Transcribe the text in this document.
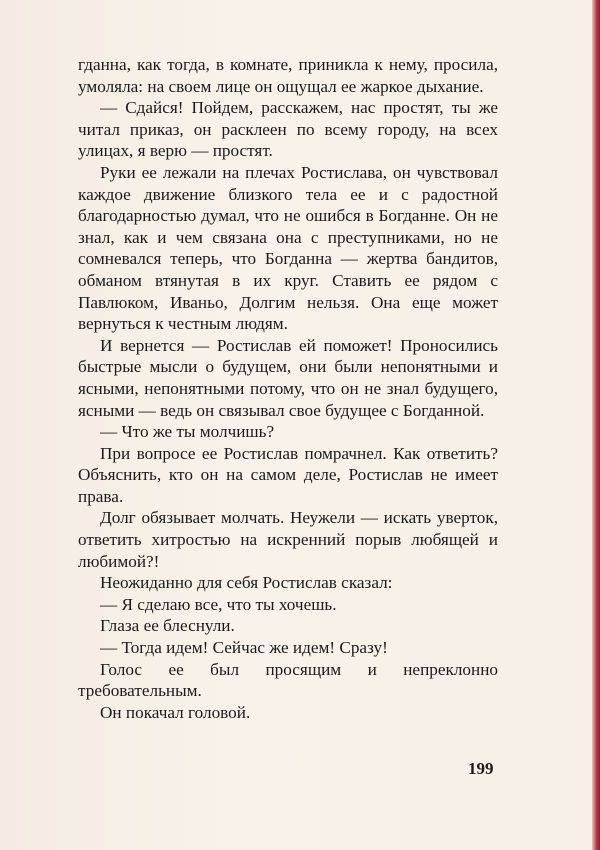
гданна, как тогда, в комнате, приникла к нему, просила, умоляла: на своем лице он ощущал ее жаркое дыхание.

— Сдайся! Пойдем, расскажем, нас простят, ты же читал приказ, он расклеен по всему городу, на всех улицах, я верю — простят.

Руки ее лежали на плечах Ростислава, он чувствовал каждое движение близкого тела ее и с радостной благодарностью думал, что не ошибся в Богданне. Он не знал, как и чем связана она с преступниками, но не сомневался теперь, что Богданна — жертва бандитов, обманом втянутая в их круг. Ставить ее рядом с Павлюком, Иваньо, Долгим нельзя. Она еще может вернуться к честным людям.

И вернется — Ростислав ей поможет! Проносились быстрые мысли о будущем, они были непонятными и ясными, непонятными потому, что он не знал будущего, ясными — ведь он связывал свое будущее с Богданной.

— Что же ты молчишь?

При вопросе ее Ростислав помрачнел. Как ответить? Объяснить, кто он на самом деле, Ростислав не имеет права.

Долг обязывает молчать. Неужели — искать уверток, ответить хитростью на искренний порыв любящей и любимой?!

Неожиданно для себя Ростислав сказал:

— Я сделаю все, что ты хочешь.

Глаза ее блеснули.

— Тогда идем! Сейчас же идем! Сразу!

Голос ее был просящим и непреклонно требовательным.

Он покачал головой.

199
